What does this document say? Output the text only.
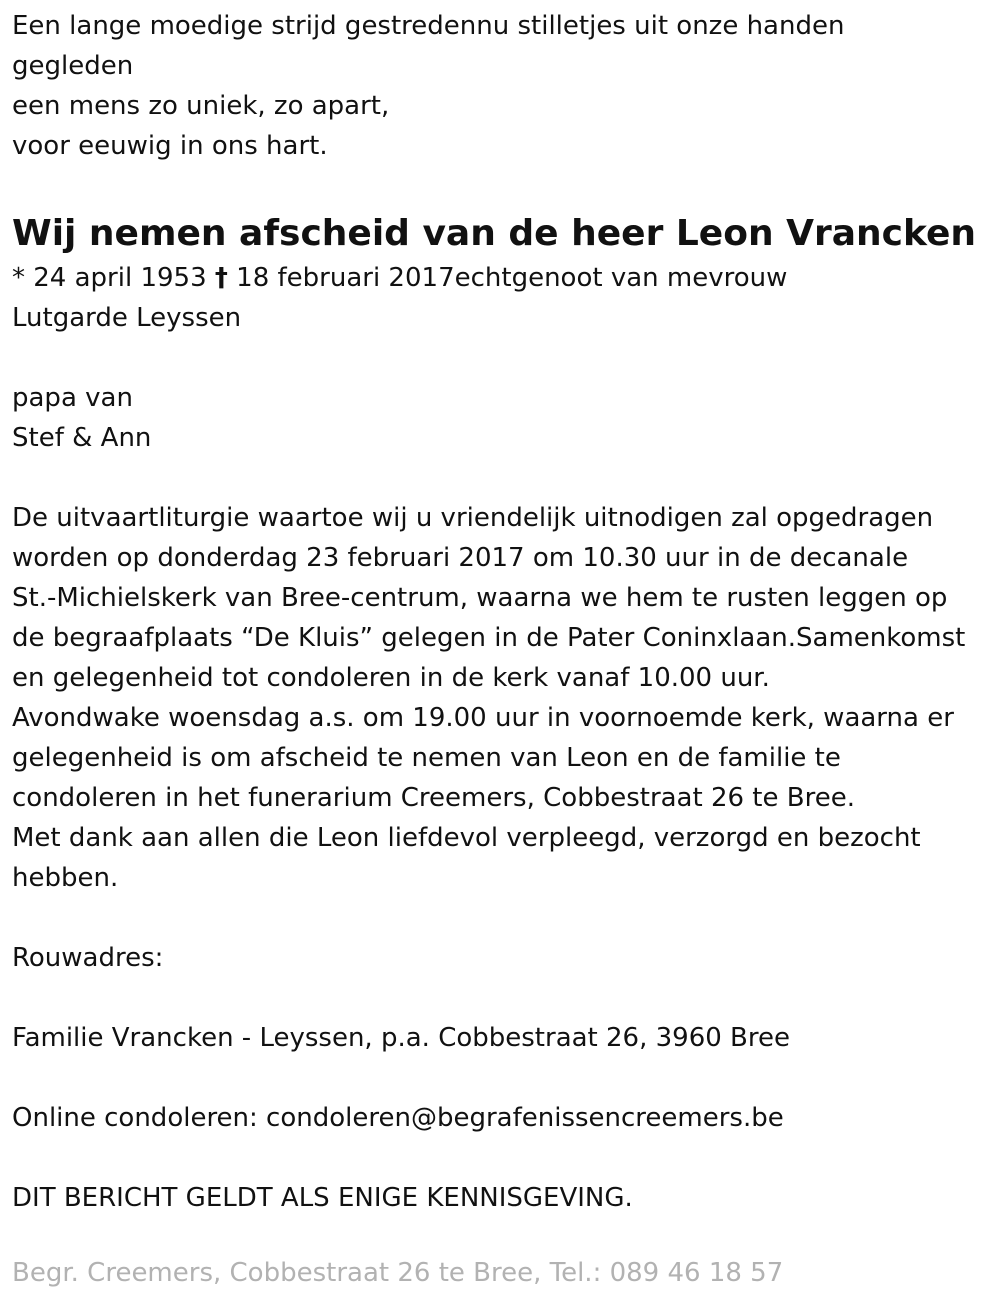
Een lange moedige strijd gestredennu stilletjes uit onze handen

gegleden

een mens zo uniek, zo apart,

voor eeuwig in ons hart.

Wij nemen afscheid van de heer Leon Vrancken

* 24 april 1953 † 18 februari 2017echtgenoot van mevrouw

Lutgarde Leyssen

papa van

Stef & Ann

De uitvaartliturgie waartoe wij u vriendelijk uitnodigen zal opgedragen

worden op donderdag 23 februari 2017 om 10.30 uur in de decanale

St.-Michielskerk van Bree-centrum, waarna we hem te rusten leggen op

de begraafplaats “De Kluis” gelegen in de Pater Coninxlaan.Samenkomst

en gelegenheid tot condoleren in de kerk vanaf 10.00 uur.

Avondwake woensdag a.s. om 19.00 uur in voornoemde kerk, waarna er

gelegenheid is om afscheid te nemen van Leon en de familie te

condoleren in het funerarium Creemers, Cobbestraat 26 te Bree.

Met dank aan allen die Leon liefdevol verpleegd, verzorgd en bezocht

hebben.

Rouwadres:

Familie Vrancken - Leyssen, p.a. Cobbestraat 26, 3960 Bree

Online condoleren: condoleren@begrafenissencreemers.be

DIT BERICHT GELDT ALS ENIGE KENNISGEVING.

Begr. Creemers, Cobbestraat 26 te Bree, Tel.: 089 46 18 57
